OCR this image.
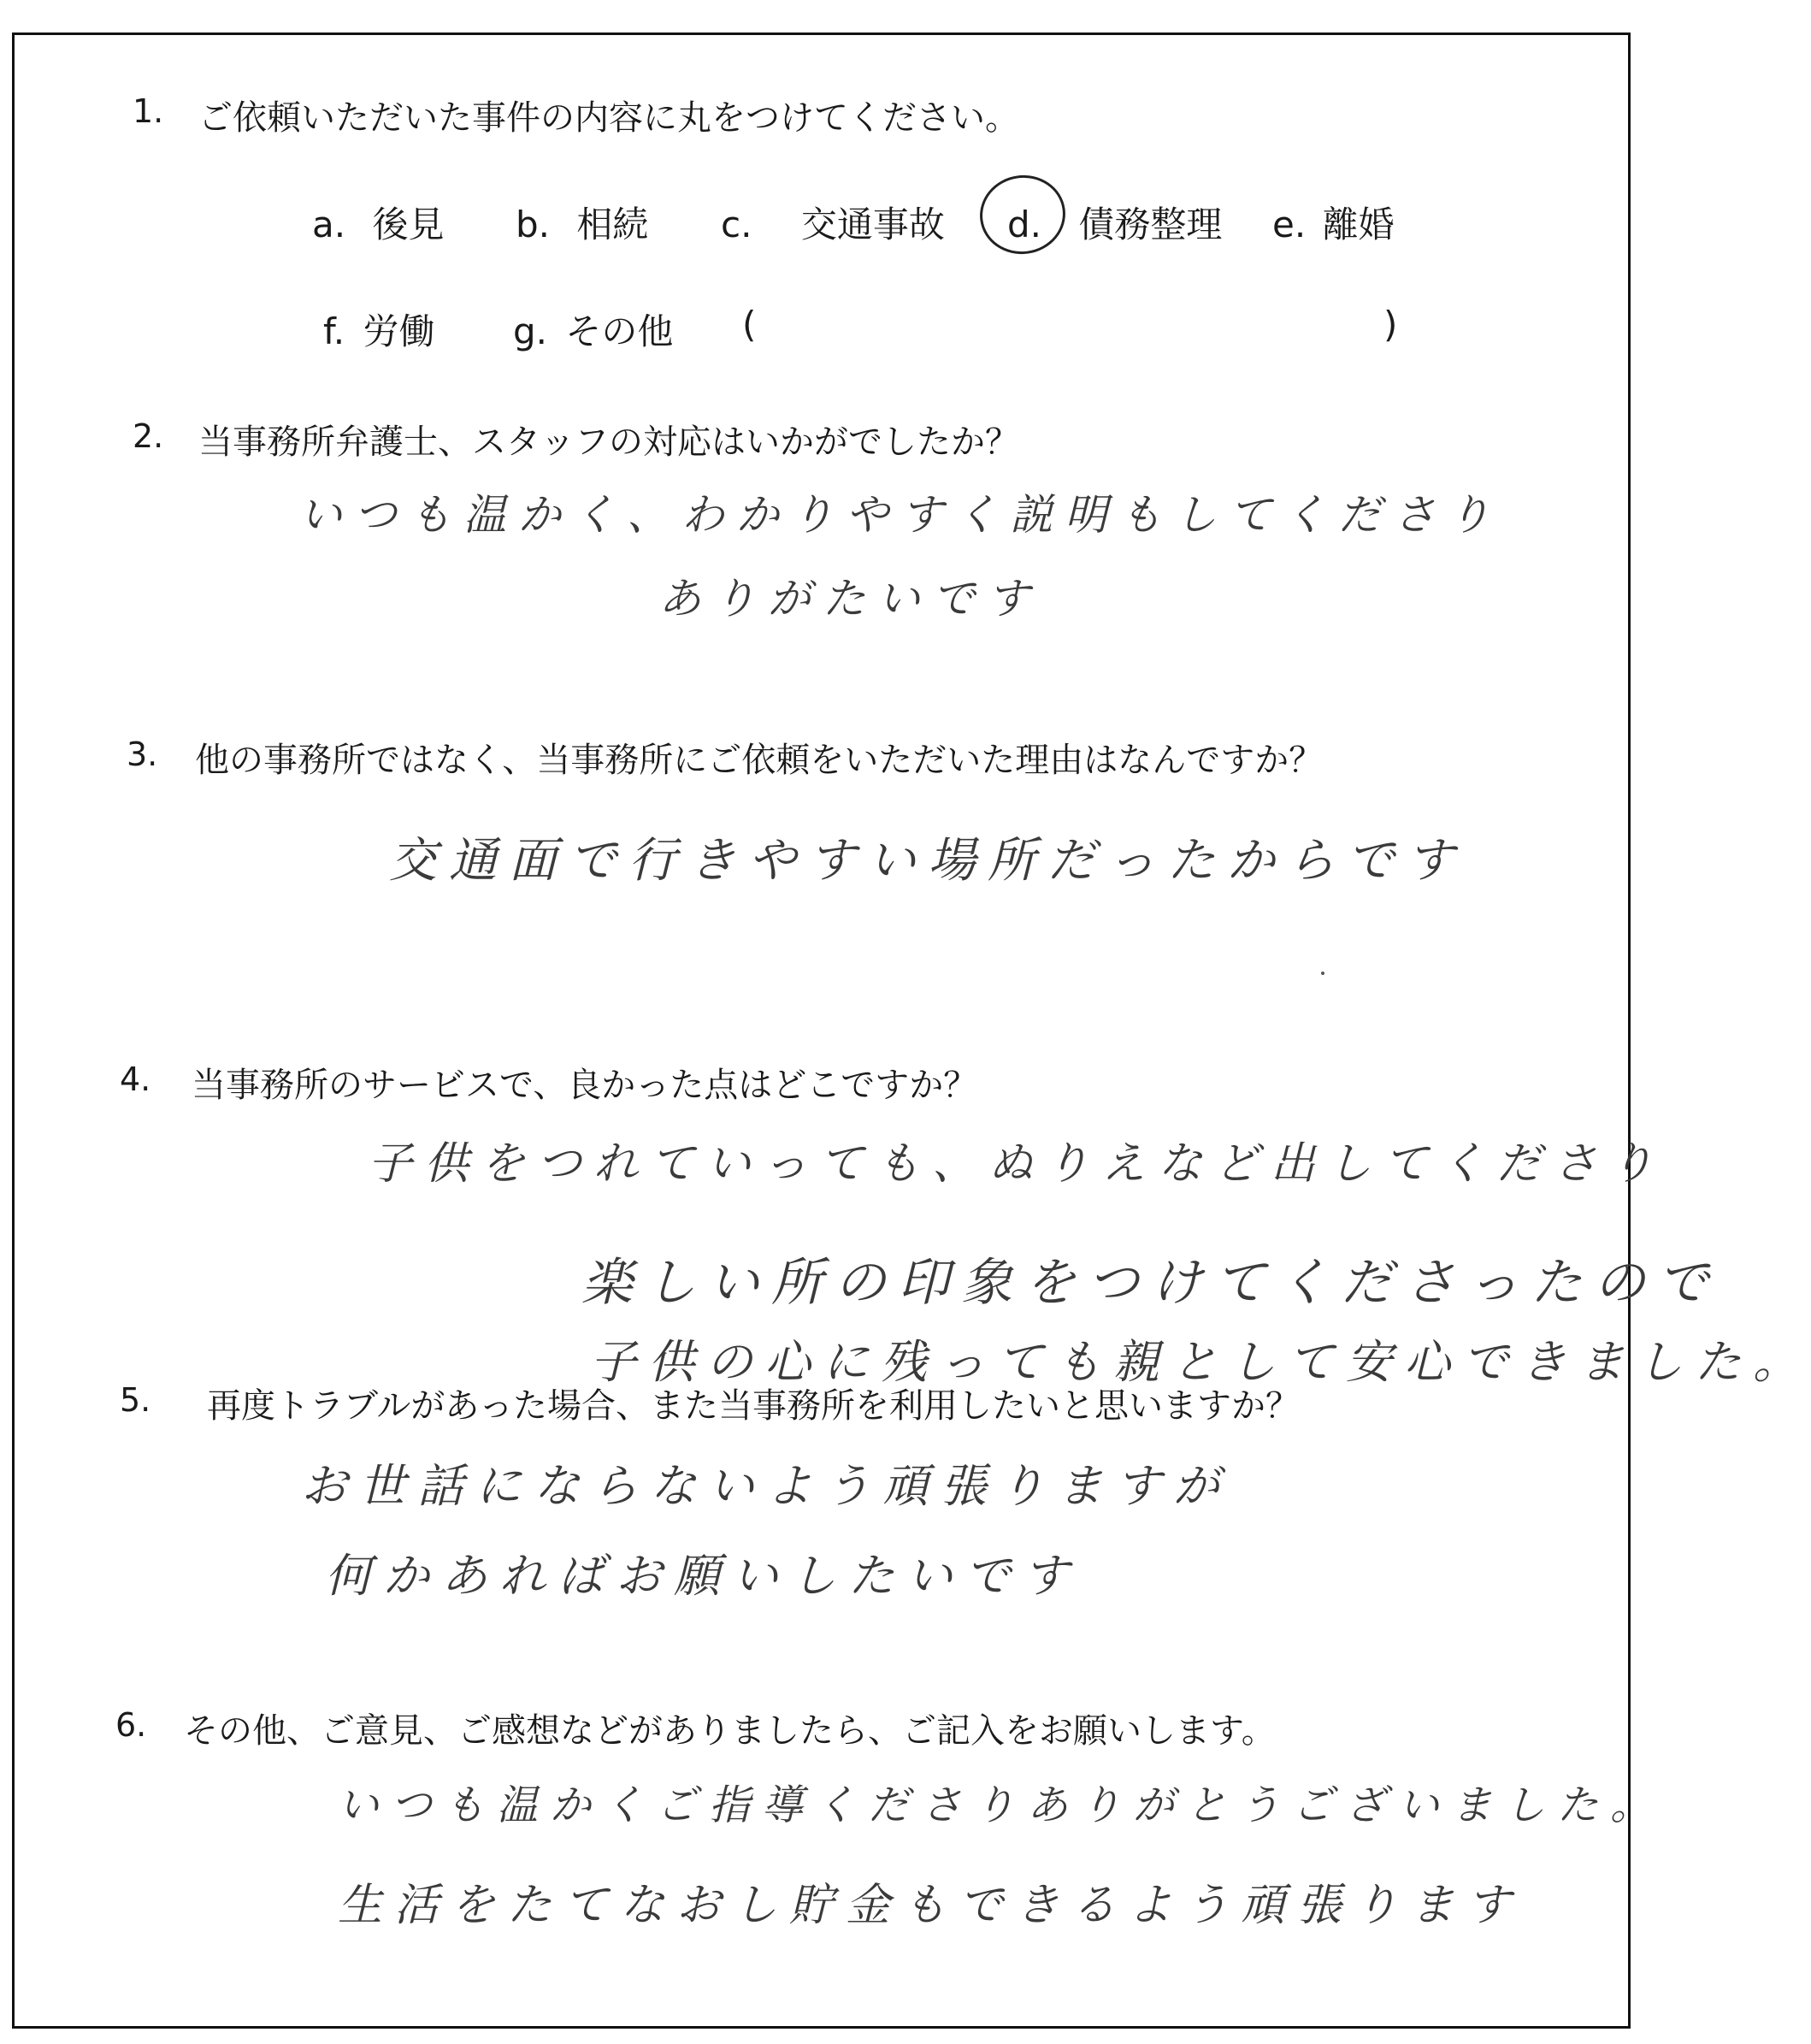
1. ご依頼いただいた事件の内容に丸をつけてください。
a. 後見 b. 相続 c. 交通事故 d. 債務整理 e. 離婚
f. 労働 g. その他 (	)
2. 当事務所弁護士、スタッフの対応はいかがでしたか？
いつも温かく、わかりやすく説明もしてくださり
ありがたいです
3. 他の事務所ではなく、当事務所にご依頼をいただいた理由はなんですか？
交通面で行きやすい場所だったからです
4. 当事務所のサービスで、良かった点はどこですか？
子供をつれていっても、ぬりえなど出してくださり
楽しい所の印象をつけてくださったので
子供の心に残っても親として安心できました。
5. 再度トラブルがあった場合、また当事務所を利用したいと思いますか？
お世話にならないよう頑張りますが
何かあればお願いしたいです
6. その他、ご意見、ご感想などがありましたら、ご記入をお願いします。
いつも温かくご指導くださりありがとうございました。
生活をたてなおし貯金もできるよう頑張ります
